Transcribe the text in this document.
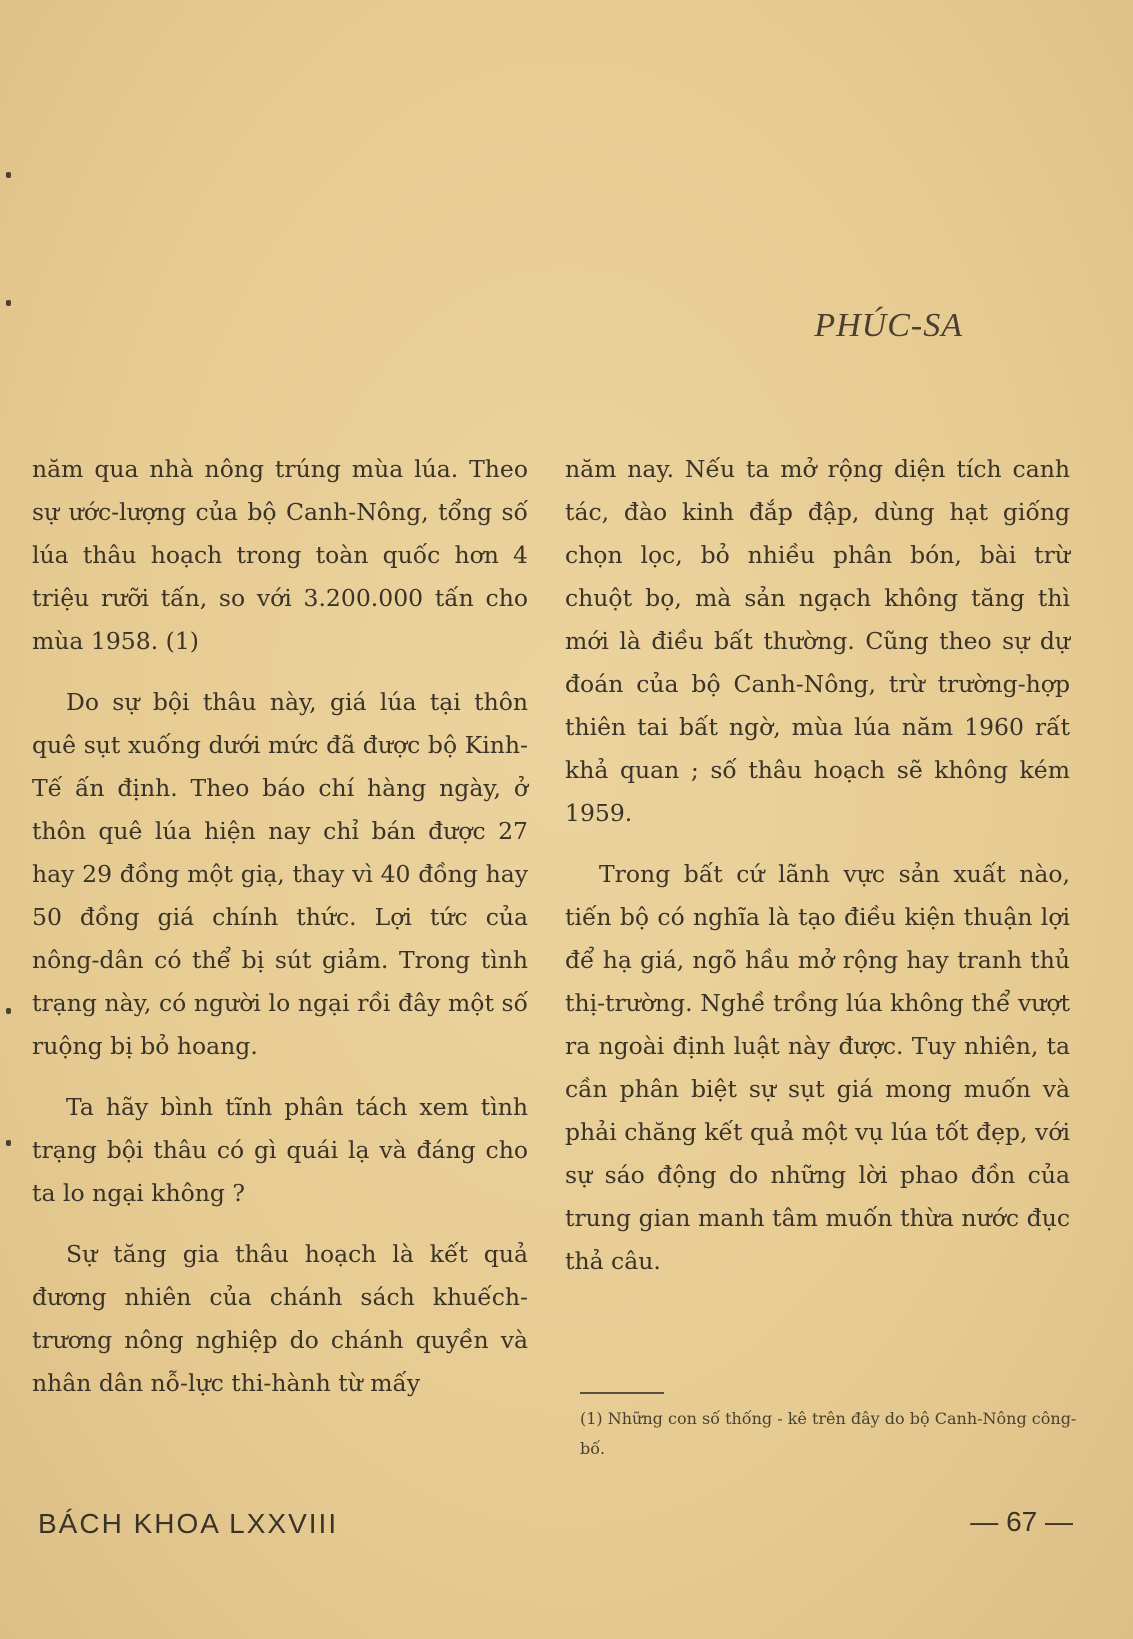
PHÚC-SA

năm qua nhà nông trúng mùa lúa. Theo sự ước-lượng của bộ Canh-Nông, tổng số lúa thâu hoạch trong toàn quốc hơn 4 triệu rưỡi tấn, so với 3.200.000 tấn cho mùa 1958. (1)

Do sự bội thâu này, giá lúa tại thôn quê sụt xuống dưới mức đã được bộ Kinh-Tế ấn định. Theo báo chí hàng ngày, ở thôn quê lúa hiện nay chỉ bán được 27 hay 29 đồng một giạ, thay vì 40 đồng hay 50 đồng giá chính thức. Lợi tức của nông-dân có thể bị sút giảm. Trong tình trạng này, có người lo ngại rồi đây một số ruộng bị bỏ hoang.

Ta hãy bình tĩnh phân tách xem tình trạng bội thâu có gì quái lạ và đáng cho ta lo ngại không ?

Sự tăng gia thâu hoạch là kết quả đương nhiên của chánh sách khuếch-trương nông nghiệp do chánh quyền và nhân dân nỗ-lực thi-hành từ mấy

năm nay. Nếu ta mở rộng diện tích canh tác, đào kinh đắp đập, dùng hạt giống chọn lọc, bỏ nhiều phân bón, bài trừ chuột bọ, mà sản ngạch không tăng thì mới là điều bất thường. Cũng theo sự dự đoán của bộ Canh-Nông, trừ trường-hợp thiên tai bất ngờ, mùa lúa năm 1960 rất khả quan ; số thâu hoạch sẽ không kém 1959.

Trong bất cứ lãnh vực sản xuất nào, tiến bộ có nghĩa là tạo điều kiện thuận lợi để hạ giá, ngõ hầu mở rộng hay tranh thủ thị-trường. Nghề trồng lúa không thể vượt ra ngoài định luật này được. Tuy nhiên, ta cần phân biệt sự sụt giá mong muốn và phải chăng kết quả một vụ lúa tốt đẹp, với sự sáo động do những lời phao đồn của trung gian manh tâm muốn thừa nước đục thả câu.

(1) Những con số thống - kê trên đây do bộ Canh-Nông công-bố.
BÁCH KHOA LXXVIII	— 67 —
